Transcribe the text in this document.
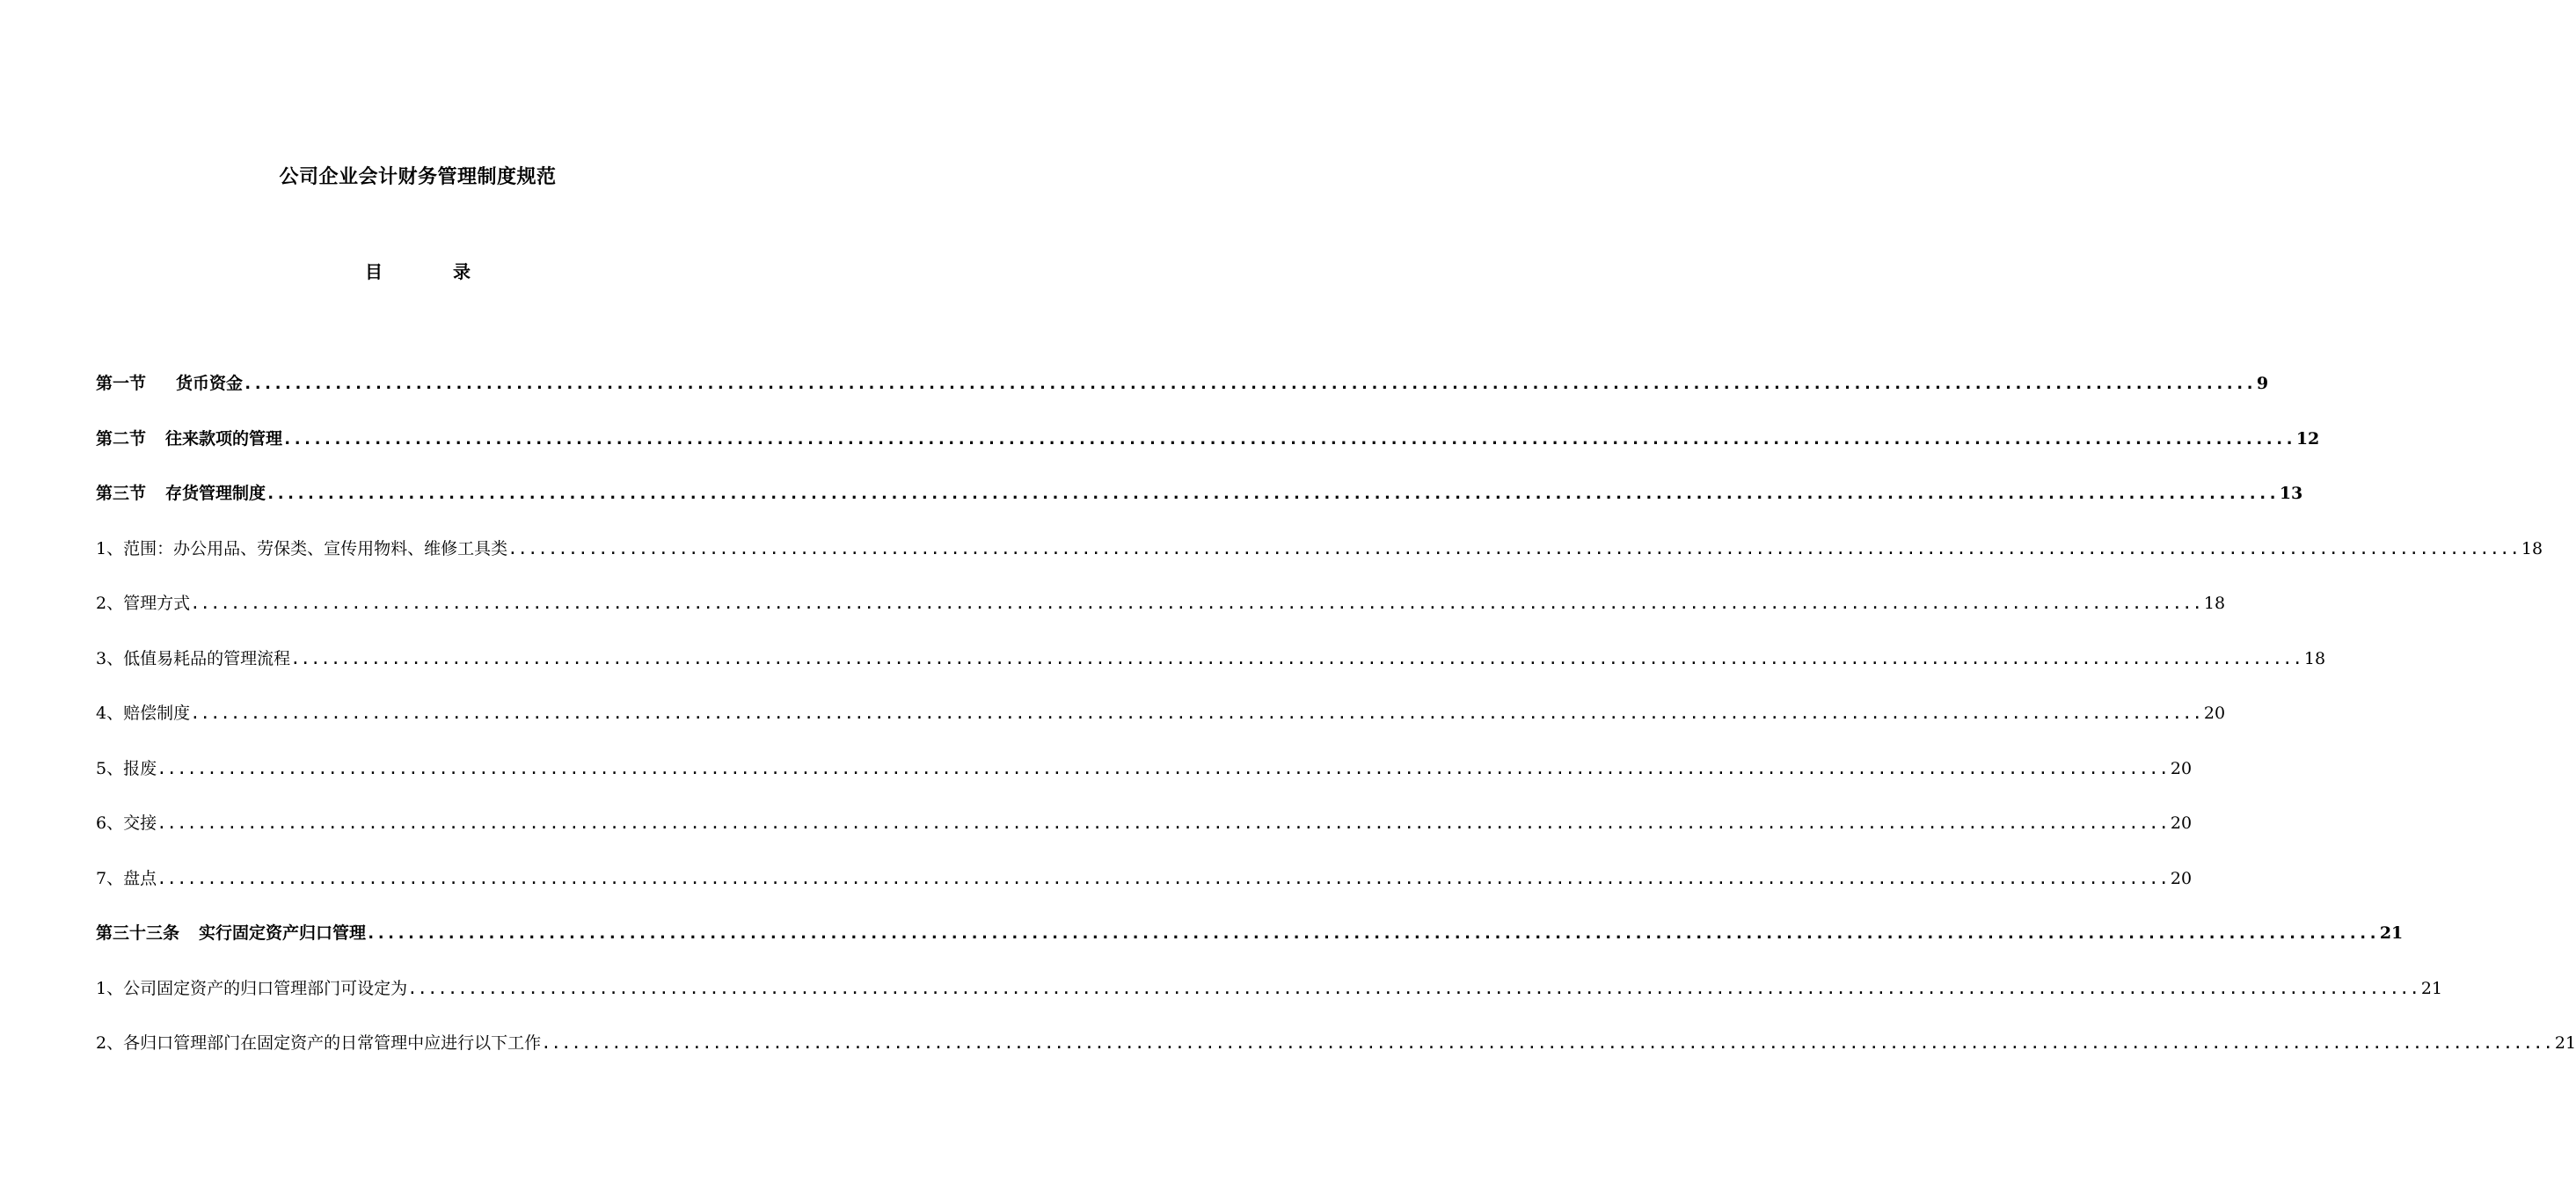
公司企业会计财务管理制度规范
目　录
第一节 货币资金 ........................................................................................................................................................................................................ 9
第二节 往来款项的管理 ........................................................................................................................................................................................................ 12
第三节 存货管理制度 ........................................................................................................................................................................................................ 13
1、范围：办公用品、劳保类、宣传用物料、维修工具类 ........................................................................................................................................................................................................ 18
2、管理方式 ........................................................................................................................................................................................................ 18
3、低值易耗品的管理流程 ........................................................................................................................................................................................................ 18
4、赔偿制度 ........................................................................................................................................................................................................ 20
5、报废 ........................................................................................................................................................................................................ 20
6、交接 ........................................................................................................................................................................................................ 20
7、盘点 ........................................................................................................................................................................................................ 20
第三十三条 实行固定资产归口管理 ........................................................................................................................................................................................................ 21
1、公司固定资产的归口管理部门可设定为 ........................................................................................................................................................................................................ 21
2、各归口管理部门在固定资产的日常管理中应进行以下工作 ........................................................................................................................................................................................................ 21
